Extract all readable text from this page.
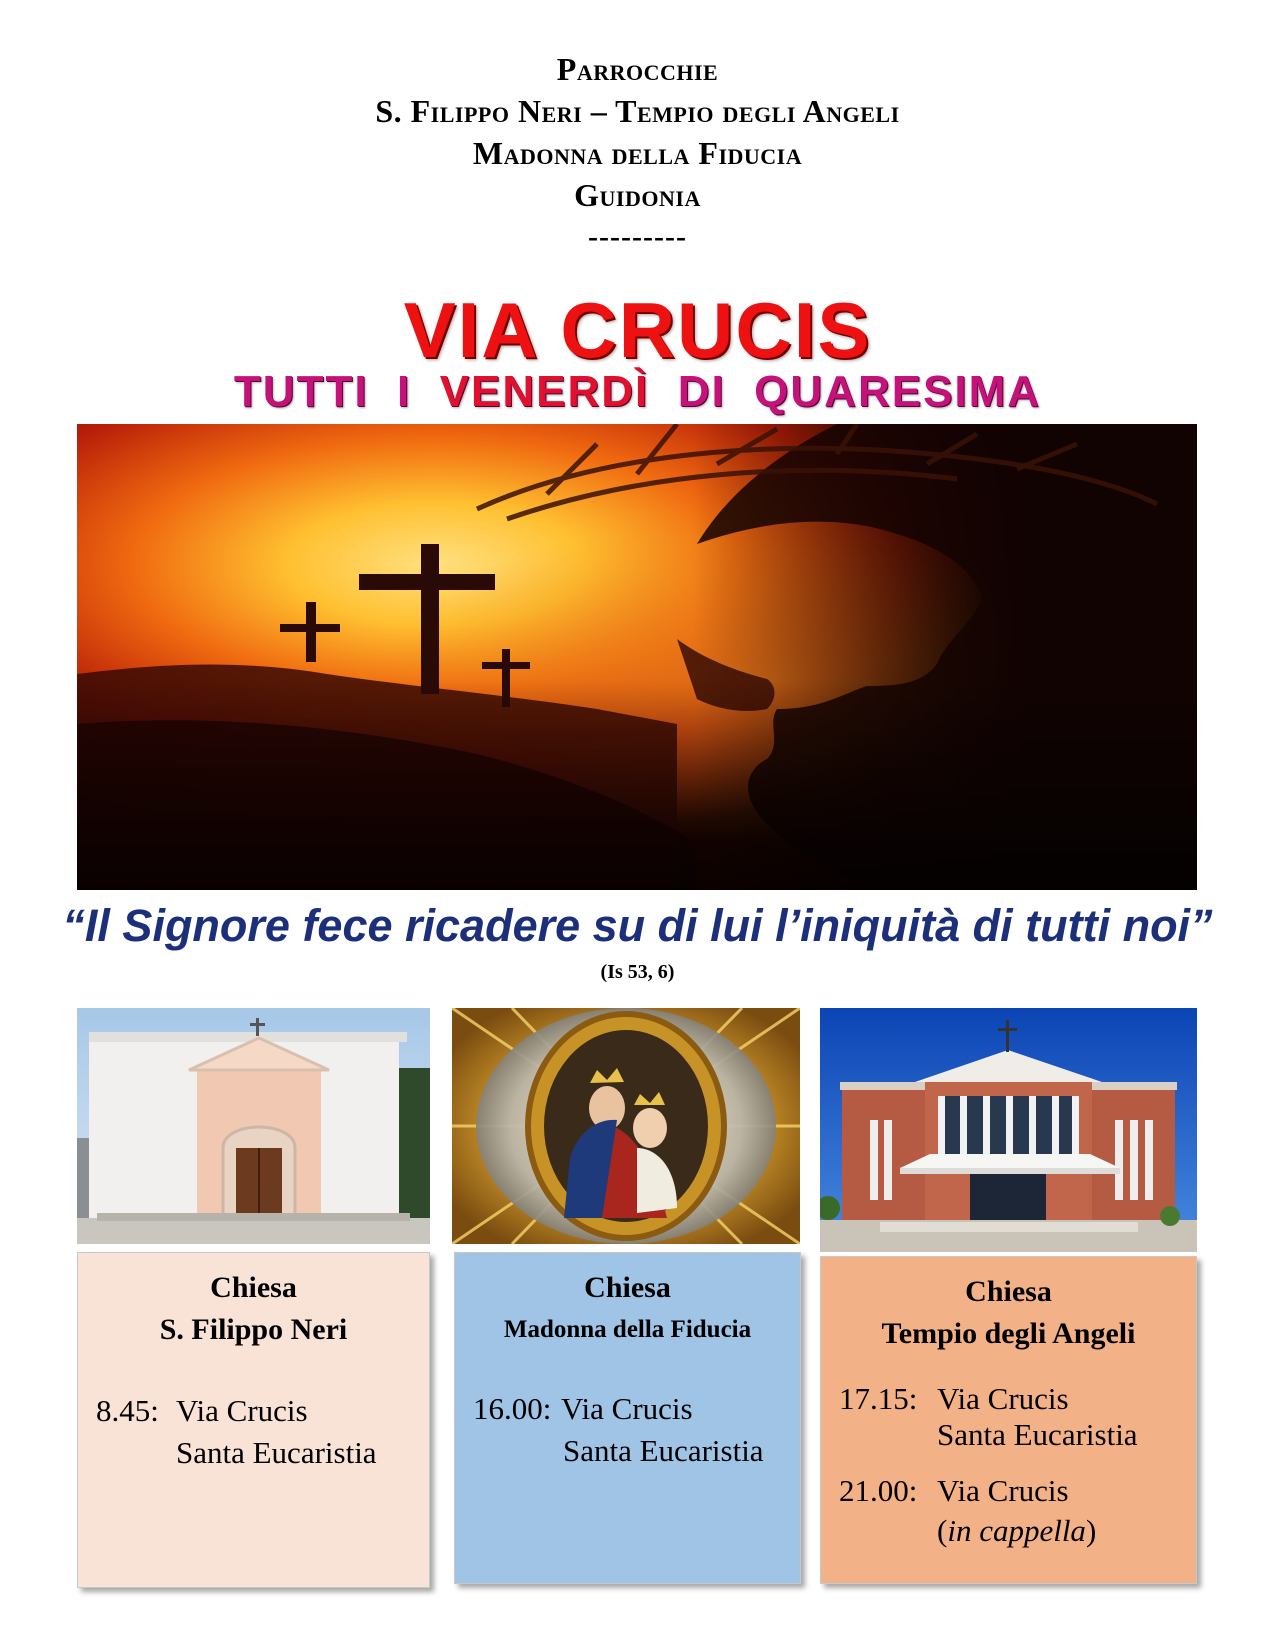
Parrocchie
S. Filippo Neri – Tempio degli Angeli
Madonna della Fiducia
Guidonia
---------
VIA CRUCIS
TUTTI  I  VENERDÌ  DI  QUARESIMA
“Il Signore fece ricadere su di lui l’iniquità di tutti noi”
(Is 53, 6)
Chiesa
S. Filippo Neri
8.45: Via Crucis
Santa Eucaristia
Chiesa
Madonna della Fiducia
16.00: Via Crucis
Santa Eucaristia
Chiesa
Tempio degli Angeli
17.15: Via Crucis
Santa Eucaristia
21.00: Via Crucis
(in cappella)
